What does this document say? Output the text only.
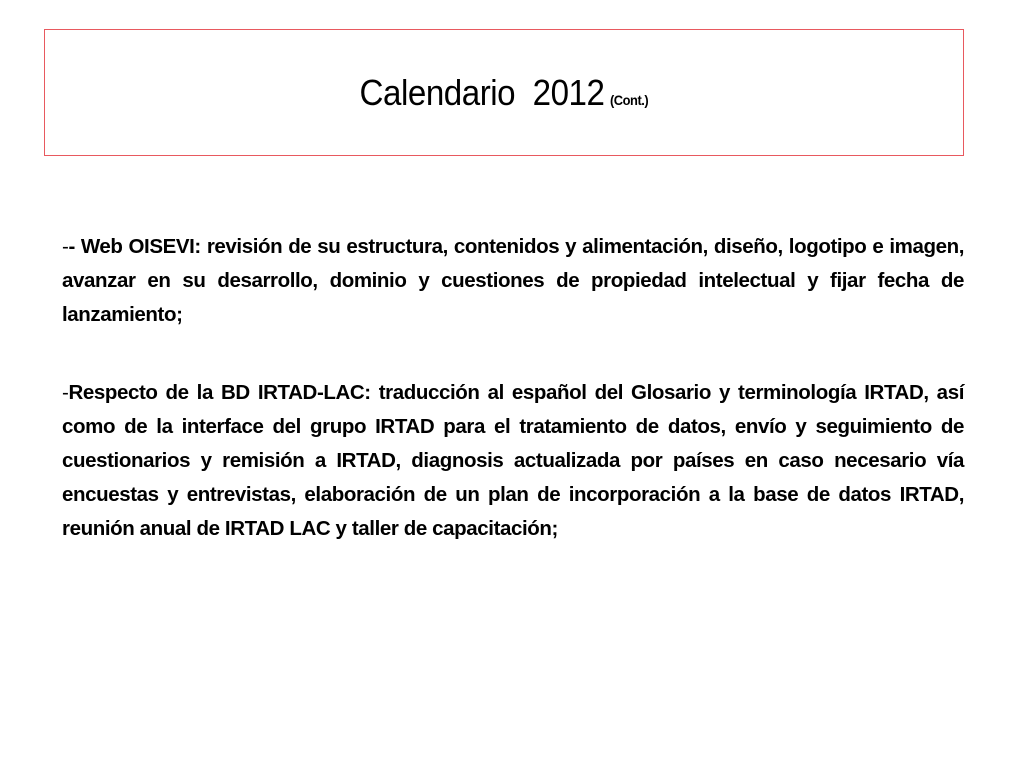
Calendario  2012 (Cont.)

-- Web OISEVI: revisión de su estructura, contenidos y alimentación, diseño, logotipo e imagen, avanzar en su desarrollo, dominio y cuestiones de propiedad intelectual y fijar fecha de lanzamiento;

-Respecto de la BD IRTAD-LAC: traducción al español del Glosario y terminología IRTAD, así como de la interface del grupo IRTAD para el tratamiento de datos, envío y seguimiento de cuestionarios y remisión a IRTAD, diagnosis actualizada por países en caso necesario vía encuestas y entrevistas, elaboración de un plan de incorporación a la base de datos IRTAD, reunión anual de IRTAD LAC y taller de capacitación;
